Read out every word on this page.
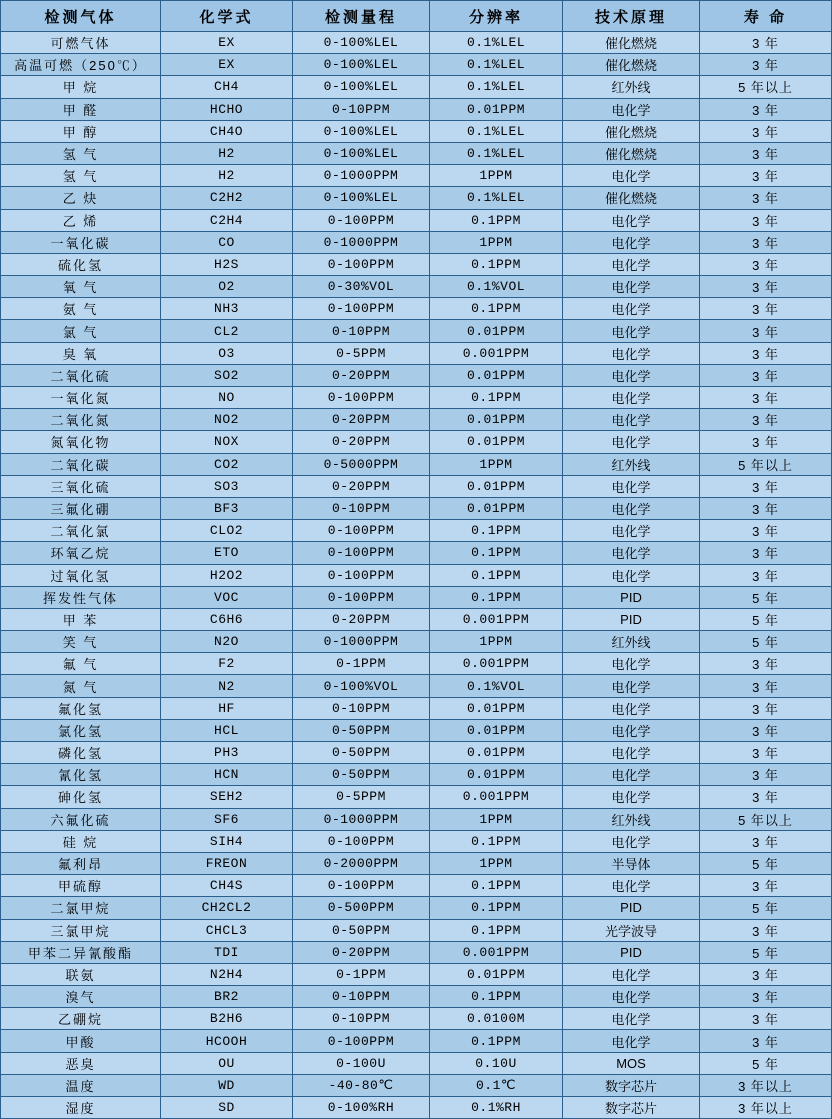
检测气体	化学式	检测量程	分辨率	技术原理	寿 命
可燃气体	EX	0-100%LEL	0.1%LEL	催化燃烧	3 年
高温可燃（250℃）	EX	0-100%LEL	0.1%LEL	催化燃烧	3 年
甲 烷	CH4	0-100%LEL	0.1%LEL	红外线	5 年以上
甲 醛	HCHO	0-10PPM	0.01PPM	电化学	3 年
甲 醇	CH4O	0-100%LEL	0.1%LEL	催化燃烧	3 年
氢 气	H2	0-100%LEL	0.1%LEL	催化燃烧	3 年
氢 气	H2	0-1000PPM	1PPM	电化学	3 年
乙 炔	C2H2	0-100%LEL	0.1%LEL	催化燃烧	3 年
乙 烯	C2H4	0-100PPM	0.1PPM	电化学	3 年
一氧化碳	CO	0-1000PPM	1PPM	电化学	3 年
硫化氢	H2S	0-100PPM	0.1PPM	电化学	3 年
氧 气	O2	0-30%VOL	0.1%VOL	电化学	3 年
氨 气	NH3	0-100PPM	0.1PPM	电化学	3 年
氯 气	CL2	0-10PPM	0.01PPM	电化学	3 年
臭 氧	O3	0-5PPM	0.001PPM	电化学	3 年
二氧化硫	SO2	0-20PPM	0.01PPM	电化学	3 年
一氧化氮	NO	0-100PPM	0.1PPM	电化学	3 年
二氧化氮	NO2	0-20PPM	0.01PPM	电化学	3 年
氮氧化物	NOX	0-20PPM	0.01PPM	电化学	3 年
二氧化碳	CO2	0-5000PPM	1PPM	红外线	5 年以上
三氧化硫	SO3	0-20PPM	0.01PPM	电化学	3 年
三氟化硼	BF3	0-10PPM	0.01PPM	电化学	3 年
二氧化氯	CLO2	0-100PPM	0.1PPM	电化学	3 年
环氧乙烷	ETO	0-100PPM	0.1PPM	电化学	3 年
过氧化氢	H2O2	0-100PPM	0.1PPM	电化学	3 年
挥发性气体	VOC	0-100PPM	0.1PPM	PID	5 年
甲 苯	C6H6	0-20PPM	0.001PPM	PID	5 年
笑 气	N2O	0-1000PPM	1PPM	红外线	5 年
氟 气	F2	0-1PPM	0.001PPM	电化学	3 年
氮 气	N2	0-100%VOL	0.1%VOL	电化学	3 年
氟化氢	HF	0-10PPM	0.01PPM	电化学	3 年
氯化氢	HCL	0-50PPM	0.01PPM	电化学	3 年
磷化氢	PH3	0-50PPM	0.01PPM	电化学	3 年
氰化氢	HCN	0-50PPM	0.01PPM	电化学	3 年
砷化氢	SEH2	0-5PPM	0.001PPM	电化学	3 年
六氟化硫	SF6	0-1000PPM	1PPM	红外线	5 年以上
硅 烷	SIH4	0-100PPM	0.1PPM	电化学	3 年
氟利昂	FREON	0-2000PPM	1PPM	半导体	5 年
甲硫醇	CH4S	0-100PPM	0.1PPM	电化学	3 年
二氯甲烷	CH2CL2	0-500PPM	0.1PPM	PID	5 年
三氯甲烷	CHCL3	0-50PPM	0.1PPM	光学波导	3 年
甲苯二异氰酸酯	TDI	0-20PPM	0.001PPM	PID	5 年
联氨	N2H4	0-1PPM	0.01PPM	电化学	3 年
溴气	BR2	0-10PPM	0.1PPM	电化学	3 年
乙硼烷	B2H6	0-10PPM	0.0100M	电化学	3 年
甲酸	HCOOH	0-100PPM	0.1PPM	电化学	3 年
恶臭	OU	0-100U	0.10U	MOS	5 年
温度	WD	-40-80℃	0.1℃	数字芯片	3 年以上
湿度	SD	0-100%RH	0.1%RH	数字芯片	3 年以上
